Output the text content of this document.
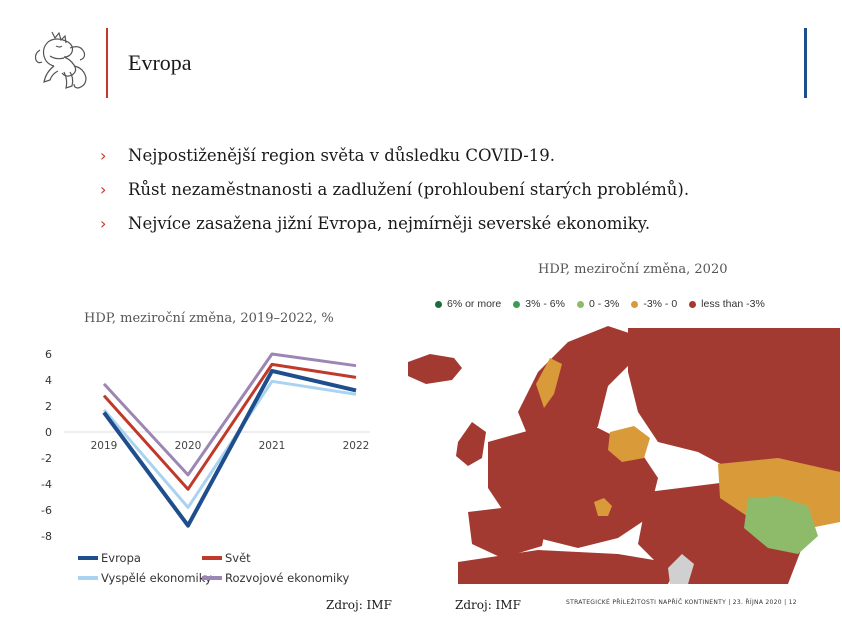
Evropa
› Nejpostiženější region světa v důsledku COVID-19.
› Růst nezaměstnanosti a zadlužení (prohloubení starých problémů).
› Nejvíce zasažena jižní Evropa, nejmírněji severské ekonomiky.
HDP, meziroční změna, 2020
6% or more 3% - 6% 0 - 3% -3% - 0 less than -3%
HDP, meziroční změna, 2019–2022, %
6
4
2
0
-2
-4
-6
-8
2019	2020	2021	2022
Evropa	Svět
Vyspělé ekonomiky Rozvojové ekonomiky
Zdroj: IMF	Zdroj: IMF	STRATEGICKÉ PŘÍLEŽITOSTI NAPŘÍČ KONTINENTY | 23. ŘÍJNA 2020 | 12
